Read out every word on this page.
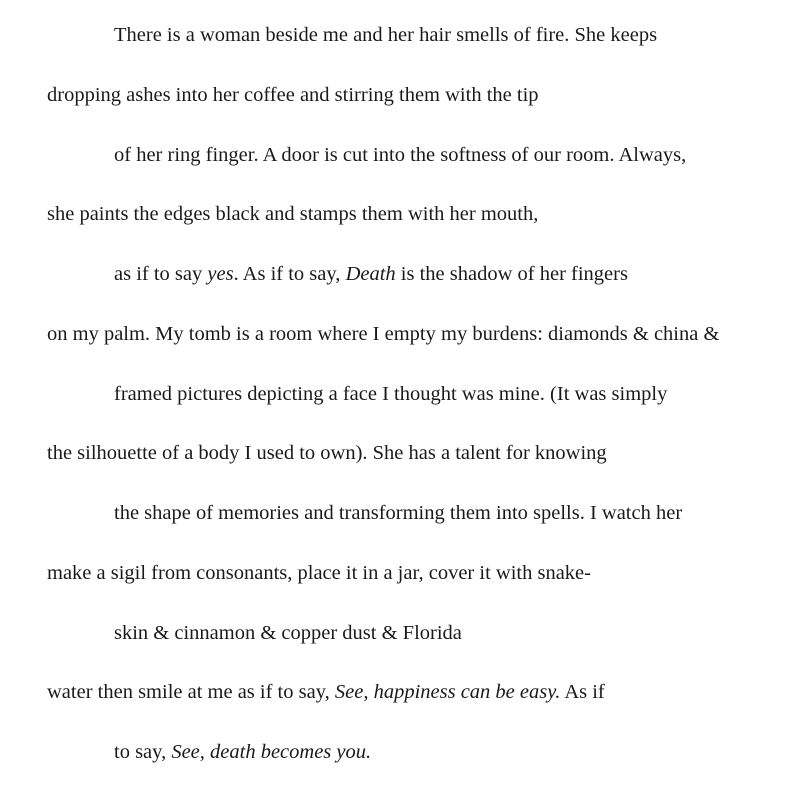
There is a woman beside me and her hair smells of fire. She keeps
dropping ashes into her coffee and stirring them with the tip
of her ring finger. A door is cut into the softness of our room. Always,
she paints the edges black and stamps them with her mouth,
as if to say yes. As if to say, Death is the shadow of her fingers
on my palm. My tomb is a room where I empty my burdens: diamonds & china &
framed pictures depicting a face I thought was mine. (It was simply
the silhouette of a body I used to own). She has a talent for knowing
the shape of memories and transforming them into spells. I watch her
make a sigil from consonants, place it in a jar, cover it with snake-
skin & cinnamon & copper dust & Florida
water then smile at me as if to say, See, happiness can be easy. As if
to say, See, death becomes you.
